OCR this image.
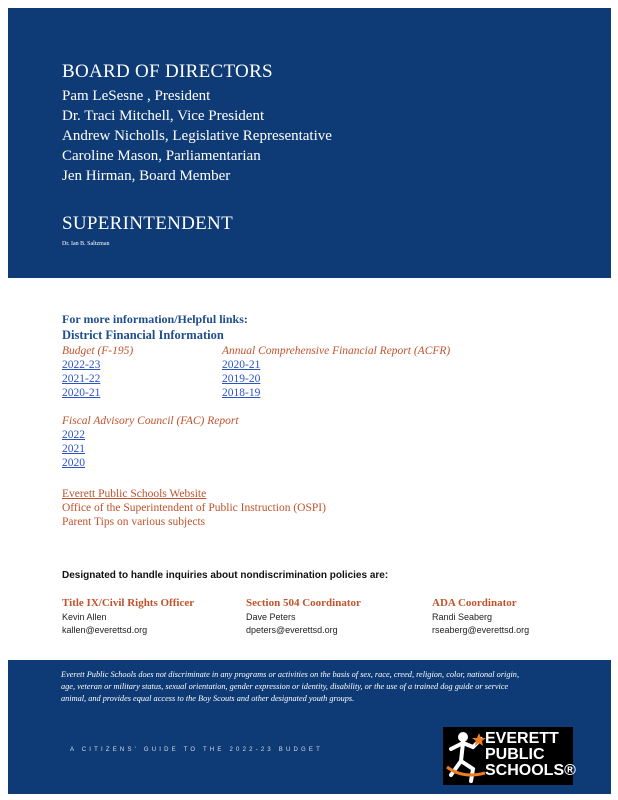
BOARD OF DIRECTORS

Pam LeSesne , President

Dr. Traci Mitchell, Vice President

Andrew Nicholls, Legislative Representative

Caroline Mason, Parliamentarian

Jen Hirman, Board Member

SUPERINTENDENT
Dr. Ian B. Saltzman
For more information/Helpful links:
District Financial Information
Budget (F-195)
2022-23
2021-22
2020-21
Annual Comprehensive Financial Report (ACFR)
2020-21
2019-20
2018-19
Fiscal Advisory Council (FAC) Report
2022
2021
2020
Everett Public Schools Website
Office of the Superintendent of Public Instruction (OSPI)
Parent Tips on various subjects
Designated to handle inquiries about nondiscrimination policies are:
Title IX/Civil Rights Officer
Kevin Allen
kallen@everettsd.org
Section 504 Coordinator
Dave Peters
dpeters@everettsd.org
ADA Coordinator
Randi Seaberg
rseaberg@everettsd.org
Everett Public Schools does not discriminate in any programs or activities on the basis of sex, race, creed, religion, color, national origin, age, veteran or military status, sexual orientation, gender expression or identity, disability, or the use of a trained dog guide or service animal, and provides equal access to the Boy Scouts and other designated youth groups.
A CITIZENS' GUIDE TO THE 2022-23 BUDGET
EVERETT
PUBLIC
SCHOOLS®
